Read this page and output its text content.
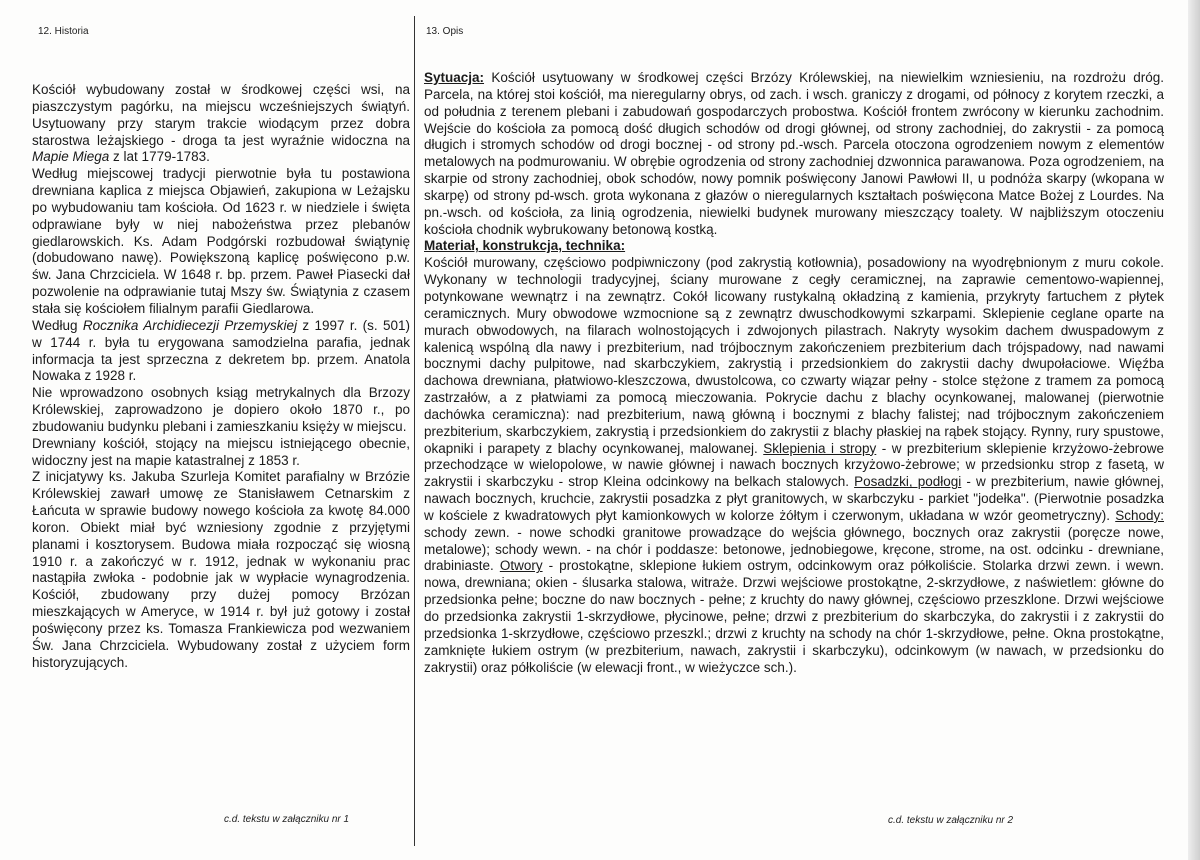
12. Historia	13. Opis

Kościół wybudowany został w środkowej części wsi, na piaszczystym pagórku, na miejscu wcześniejszych świątyń. Usytuowany przy starym trakcie wiodącym przez dobra starostwa leżajskiego - droga ta jest wyraźnie widoczna na Mapie Miega z lat 1779-1783.

Według miejscowej tradycji pierwotnie była tu postawiona drewniana kaplica z miejsca Objawień, zakupiona w Leżajsku po wybudowaniu tam kościoła. Od 1623 r. w niedziele i święta odprawiane były w niej nabożeństwa przez plebanów giedlarowskich. Ks. Adam Podgórski rozbudował świątynię (dobudowano nawę). Powiększoną kaplicę poświęcono p.w. św. Jana Chrzciciela. W 1648 r. bp. przem. Paweł Piasecki dał pozwolenie na odprawianie tutaj Mszy św. Świątynia z czasem stała się kościołem filialnym parafii Giedlarowa.

Według Rocznika Archidiecezji Przemyskiej z 1997 r. (s. 501) w 1744 r. była tu erygowana samodzielna parafia, jednak informacja ta jest sprzeczna z dekretem bp. przem. Anatola Nowaka z 1928 r.

Nie wprowadzono osobnych ksiąg metrykalnych dla Brzozy Królewskiej, zaprowadzono je dopiero około 1870 r., po zbudowaniu budynku plebani i zamieszkaniu księży w miejscu.

Drewniany kościół, stojący na miejscu istniejącego obecnie, widoczny jest na mapie katastralnej z 1853 r.

Z inicjatywy ks. Jakuba Szurleja Komitet parafialny w Brzózie Królewskiej zawarł umowę ze Stanisławem Cetnarskim z Łańcuta w sprawie budowy nowego kościoła za kwotę 84.000 koron. Obiekt miał być wzniesiony zgodnie z przyjętymi planami i kosztorysem. Budowa miała rozpocząć się wiosną 1910 r. a zakończyć w r. 1912, jednak w wykonaniu prac nastąpiła zwłoka - podobnie jak w wypłacie wynagrodzenia. Kościół, zbudowany przy dużej pomocy Brzózan mieszkających w Ameryce, w 1914 r. był już gotowy i został poświęcony przez ks. Tomasza Frankiewicza pod wezwaniem Św. Jana Chrzciciela. Wybudowany został z użyciem form historyzujących.

Sytuacja: Kościół usytuowany w środkowej części Brzózy Królewskiej, na niewielkim wzniesieniu, na rozdrożu dróg. Parcela, na której stoi kościół, ma nieregularny obrys, od zach. i wsch. graniczy z drogami, od północy z korytem rzeczki, a od południa z terenem plebani i zabudowań gospodarczych probostwa. Kościół frontem zwrócony w kierunku zachodnim. Wejście do kościoła za pomocą dość długich schodów od drogi głównej, od strony zachodniej, do zakrystii - za pomocą długich i stromych schodów od drogi bocznej - od strony pd.-wsch. Parcela otoczona ogrodzeniem nowym z elementów metalowych na podmurowaniu. W obrębie ogrodzenia od strony zachodniej dzwonnica parawanowa. Poza ogrodzeniem, na skarpie od strony zachodniej, obok schodów, nowy pomnik poświęcony Janowi Pawłowi II, u podnóża skarpy (wkopana w skarpę) od strony pd-wsch. grota wykonana z głazów o nieregularnych kształtach poświęcona Matce Bożej z Lourdes. Na pn.-wsch. od kościoła, za linią ogrodzenia, niewielki budynek murowany mieszczący toalety. W najbliższym otoczeniu kościoła chodnik wybrukowany betonową kostką.

Materiał, konstrukcja, technika:

Kościół murowany, częściowo podpiwniczony (pod zakrystią kotłownia), posadowiony na wyodrębnionym z muru cokole. Wykonany w technologii tradycyjnej, ściany murowane z cegły ceramicznej, na zaprawie cementowo-wapiennej, potynkowane wewnątrz i na zewnątrz. Cokół licowany rustykalną okładziną z kamienia, przykryty fartuchem z płytek ceramicznych. Mury obwodowe wzmocnione są z zewnątrz dwuschodkowymi szkarpami. Sklepienie ceglane oparte na murach obwodowych, na filarach wolnostojących i zdwojonych pilastrach. Nakryty wysokim dachem dwuspadowym z kalenicą wspólną dla nawy i prezbiterium, nad trójbocznym zakończeniem prezbiterium dach trójspadowy, nad nawami bocznymi dachy pulpitowe, nad skarbczykiem, zakrystią i przedsionkiem do zakrystii dachy dwupołaciowe. Więźba dachowa drewniana, płatwiowo-kleszczowa, dwustolcowa, co czwarty wiązar pełny - stolce stężone z tramem za pomocą zastrzałów, a z płatwiami za pomocą mieczowania. Pokrycie dachu z blachy ocynkowanej, malowanej (pierwotnie dachówka ceramiczna): nad prezbiterium, nawą główną i bocznymi z blachy falistej; nad trójbocznym zakończeniem prezbiterium, skarbczykiem, zakrystią i przedsionkiem do zakrystii z blachy płaskiej na rąbek stojący. Rynny, rury spustowe, okapniki i parapety z blachy ocynkowanej, malowanej. Sklepienia i stropy - w prezbiterium sklepienie krzyżowo-żebrowe przechodzące w wielopolowe, w nawie głównej i nawach bocznych krzyżowo-żebrowe; w przedsionku strop z fasetą, w zakrystii i skarbczyku - strop Kleina odcinkowy na belkach stalowych. Posadzki, podłogi - w prezbiterium, nawie głównej, nawach bocznych, kruchcie, zakrystii posadzka z płyt granitowych, w skarbczyku - parkiet "jodełka". (Pierwotnie posadzka w kościele z kwadratowych płyt kamionkowych w kolorze żółtym i czerwonym, układana w wzór geometryczny). Schody: schody zewn. - nowe schodki granitowe prowadzące do wejścia głównego, bocznych oraz zakrystii (poręcze nowe, metalowe); schody wewn. - na chór i poddasze: betonowe, jednobiegowe, kręcone, strome, na ost. odcinku - drewniane, drabiniaste. Otwory - prostokątne, sklepione łukiem ostrym, odcinkowym oraz półkoliście. Stolarka drzwi zewn. i wewn. nowa, drewniana; okien - ślusarka stalowa, witraże. Drzwi wejściowe prostokątne, 2-skrzydłowe, z naświetlem: główne do przedsionka pełne; boczne do naw bocznych - pełne; z kruchty do nawy głównej, częściowo przeszklone. Drzwi wejściowe do przedsionka zakrystii 1-skrzydłowe, płycinowe, pełne; drzwi z prezbiterium do skarbczyka, do zakrystii i z zakrystii do przedsionka 1-skrzydłowe, częściowo przeszkl.; drzwi z kruchty na schody na chór 1-skrzydłowe, pełne. Okna prostokątne, zamknięte łukiem ostrym (w prezbiterium, nawach, zakrystii i skarbczyku), odcinkowym (w nawach, w przedsionku do zakrystii) oraz półkoliście (w elewacji front., w wieżyczce sch.).

c.d. tekstu w załączniku nr 1	c.d. tekstu w załączniku nr 2
